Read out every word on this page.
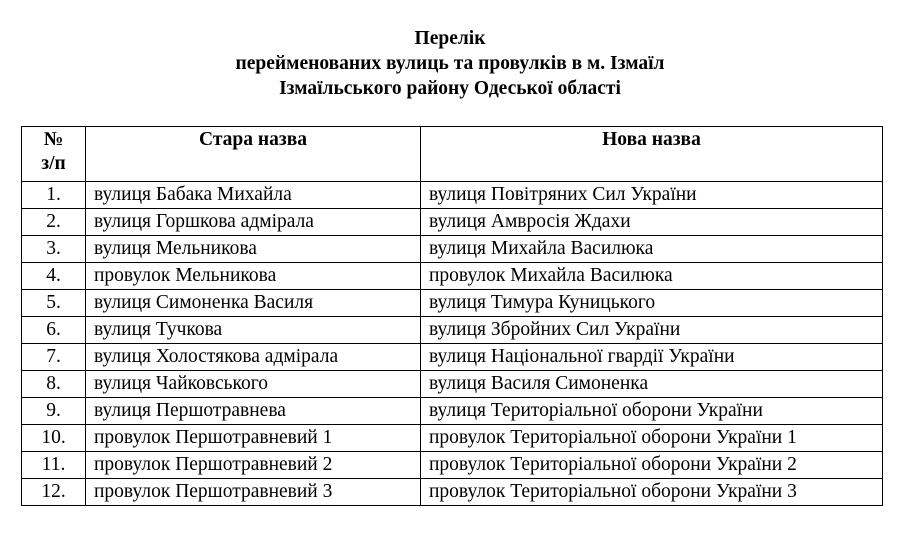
Перелік
перейменованих вулиць та провулків в м. Ізмаїл
Ізмаїльського району Одеської області
№
з/п	Стара назва	Нова назва
1.	вулиця Бабака Михайла	вулиця Повітряних Сил України
2.	вулиця Горшкова адмірала	вулиця Амвросія Ждахи
3.	вулиця Мельникова	вулиця Михайла Василюка
4.	провулок Мельникова	провулок Михайла Василюка
5.	вулиця Симоненка Василя	вулиця Тимура Куницького
6.	вулиця Тучкова	вулиця Збройних Сил України
7.	вулиця Холостякова адмірала	вулиця Національної гвардії України
8.	вулиця Чайковського	вулиця Василя Симоненка
9.	вулиця Першотравнева	вулиця Територіальної оборони України
10.	провулок Першотравневий 1	провулок Територіальної оборони України 1
11.	провулок Першотравневий 2	провулок Територіальної оборони України 2
12.	провулок Першотравневий 3	провулок Територіальної оборони України 3
